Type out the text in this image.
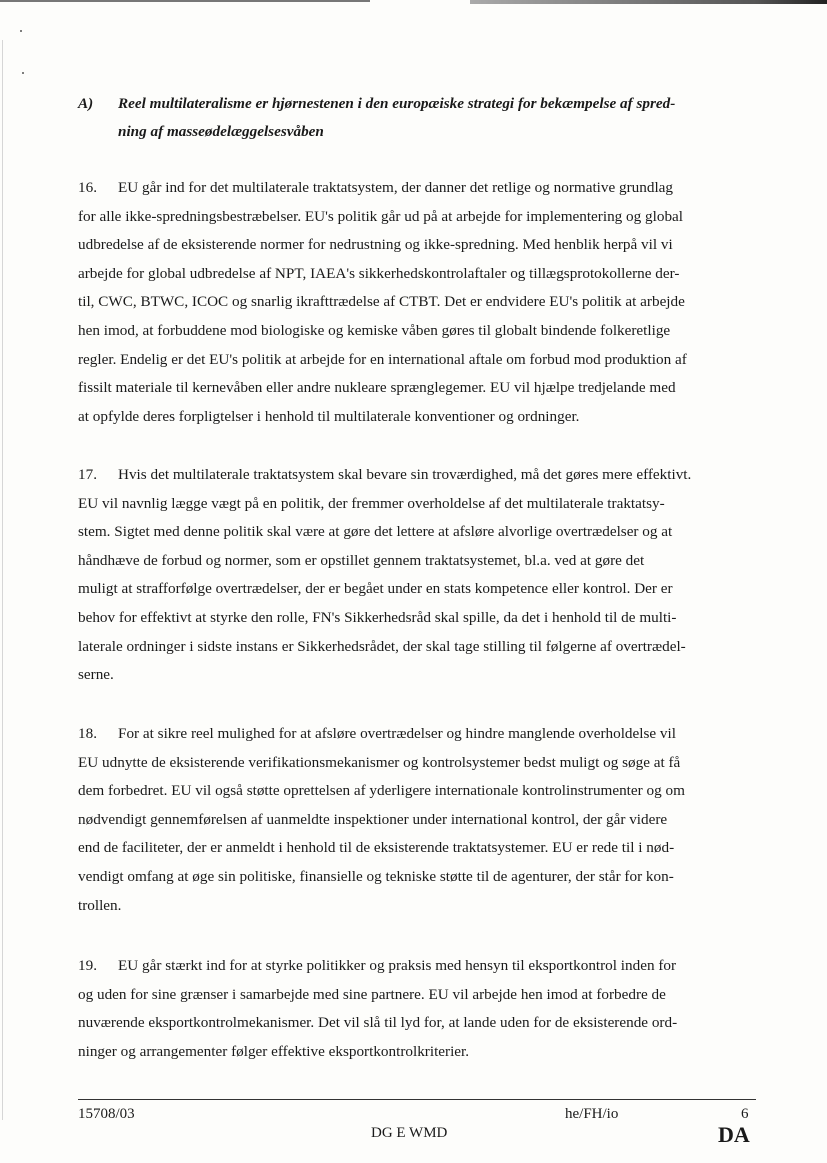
A) Reel multilateralisme er hjørnestenen i den europæiske strategi for bekæmpelse af spred-
ning af masseødelæggelsesvåben
16. EU går ind for det multilaterale traktatsystem, der danner det retlige og normative grundlag
for alle ikke-spredningsbestræbelser. EU's politik går ud på at arbejde for implementering og global
udbredelse af de eksisterende normer for nedrustning og ikke-spredning. Med henblik herpå vil vi
arbejde for global udbredelse af NPT, IAEA's sikkerhedskontrolaftaler og tillægsprotokollerne der-
til, CWC, BTWC, ICOC og snarlig ikrafttrædelse af CTBT. Det er endvidere EU's politik at arbejde
hen imod, at forbuddene mod biologiske og kemiske våben gøres til globalt bindende folkeretlige
regler. Endelig er det EU's politik at arbejde for en international aftale om forbud mod produktion af
fissilt materiale til kernevåben eller andre nukleare sprænglegemer. EU vil hjælpe tredjelande med
at opfylde deres forpligtelser i henhold til multilaterale konventioner og ordninger.
17. Hvis det multilaterale traktatsystem skal bevare sin troværdighed, må det gøres mere effektivt.
EU vil navnlig lægge vægt på en politik, der fremmer overholdelse af det multilaterale traktatsy-
stem. Sigtet med denne politik skal være at gøre det lettere at afsløre alvorlige overtrædelser og at
håndhæve de forbud og normer, som er opstillet gennem traktatsystemet, bl.a. ved at gøre det
muligt at strafforfølge overtrædelser, der er begået under en stats kompetence eller kontrol. Der er
behov for effektivt at styrke den rolle, FN's Sikkerhedsråd skal spille, da det i henhold til de multi-
laterale ordninger i sidste instans er Sikkerhedsrådet, der skal tage stilling til følgerne af overtrædel-
serne.
18. For at sikre reel mulighed for at afsløre overtrædelser og hindre manglende overholdelse vil
EU udnytte de eksisterende verifikationsmekanismer og kontrolsystemer bedst muligt og søge at få
dem forbedret. EU vil også støtte oprettelsen af yderligere internationale kontrolinstrumenter og om
nødvendigt gennemførelsen af uanmeldte inspektioner under international kontrol, der går videre
end de faciliteter, der er anmeldt i henhold til de eksisterende traktatsystemer. EU er rede til i nød-
vendigt omfang at øge sin politiske, finansielle og tekniske støtte til de agenturer, der står for kon-
trollen.
19. EU går stærkt ind for at styrke politikker og praksis med hensyn til eksportkontrol inden for
og uden for sine grænser i samarbejde med sine partnere. EU vil arbejde hen imod at forbedre de
nuværende eksportkontrolmekanismer. Det vil slå til lyd for, at lande uden for de eksisterende ord-
ninger og arrangementer følger effektive eksportkontrolkriterier.
15708/03
DG E WMD
he/FH/io	6
DA
